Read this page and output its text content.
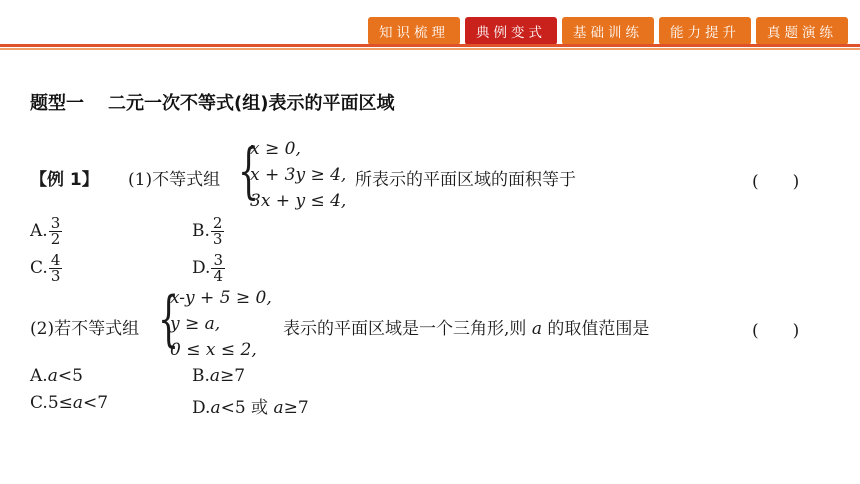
知识梳理	典例变式	基础训练	能力提升	真题演练
题型一 二元一次不等式(组)表示的平面区域
【例 1】 (1)不等式组 {
x ≥ 0,
x + 3y ≥ 4,
3x + y ≤ 4,
所表示的平面区域的面积等于	(　　)
A. $\frac{3}{2}$	B. $\frac{2}{3}$
C. $\frac{4}{3}$	D. $\frac{3}{4}$
(2)若不等式组 {
x-y + 5 ≥ 0,
y ≥ a,
0 ≤ x ≤ 2,
表示的平面区域是一个三角形,则 a 的取值范围是	(　　)
A.a<5	B.a≥7
C.5≤a<7	D.a<5 或 a≥7
